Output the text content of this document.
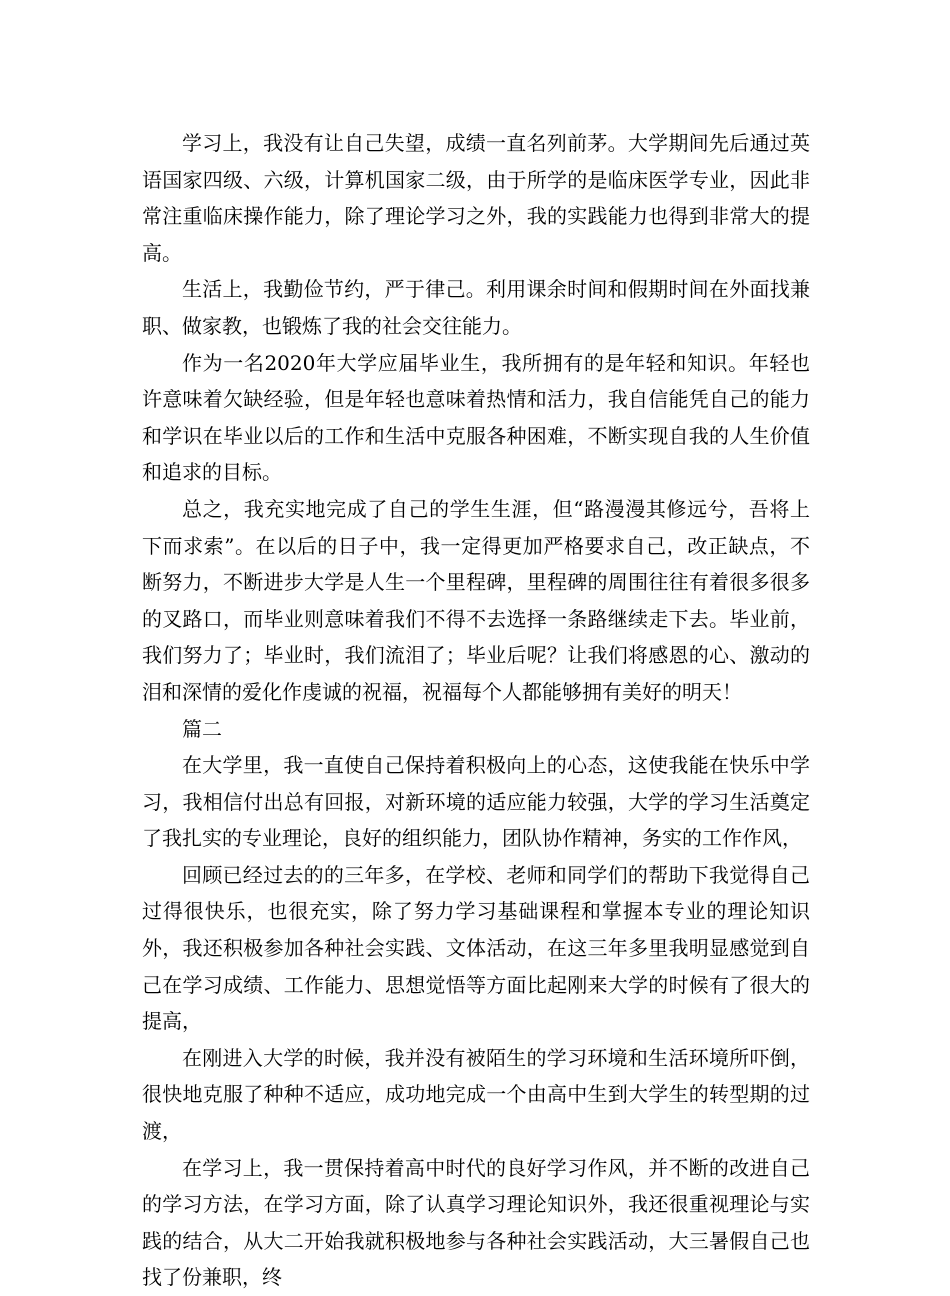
学习上，我没有让自己失望，成绩一直名列前茅。大学期间先后通过英语国家四级、六级，计算机国家二级，由于所学的是临床医学专业，因此非常注重临床操作能力，除了理论学习之外，我的实践能力也得到非常大的提高。

生活上，我勤俭节约，严于律己。利用课余时间和假期时间在外面找兼职、做家教，也锻炼了我的社会交往能力。

作为一名2020年大学应届毕业生，我所拥有的是年轻和知识。年轻也许意味着欠缺经验，但是年轻也意味着热情和活力，我自信能凭自己的能力和学识在毕业以后的工作和生活中克服各种困难，不断实现自我的人生价值和追求的目标。

总之，我充实地完成了自己的学生生涯，但“路漫漫其修远兮，吾将上下而求索”。在以后的日子中，我一定得更加严格要求自己，改正缺点，不断努力，不断进步大学是人生一个里程碑，里程碑的周围往往有着很多很多的叉路口，而毕业则意味着我们不得不去选择一条路继续走下去。毕业前，我们努力了；毕业时，我们流泪了；毕业后呢？让我们将感恩的心、激动的泪和深情的爱化作虔诚的祝福，祝福每个人都能够拥有美好的明天！

篇二

在大学里，我一直使自己保持着积极向上的心态，这使我能在快乐中学习，我相信付出总有回报，对新环境的适应能力较强，大学的学习生活奠定了我扎实的专业理论，良好的组织能力，团队协作精神，务实的工作作风，

回顾已经过去的的三年多，在学校、老师和同学们的帮助下我觉得自己过得很快乐，也很充实，除了努力学习基础课程和掌握本专业的理论知识外，我还积极参加各种社会实践、文体活动，在这三年多里我明显感觉到自己在学习成绩、工作能力、思想觉悟等方面比起刚来大学的时候有了很大的提高，

在刚进入大学的时候，我并没有被陌生的学习环境和生活环境所吓倒，很快地克服了种种不适应，成功地完成一个由高中生到大学生的转型期的过渡，

在学习上，我一贯保持着高中时代的良好学习作风，并不断的改进自己的学习方法，在学习方面，除了认真学习理论知识外，我还很重视理论与实践的结合，从大二开始我就积极地参与各种社会实践活动，大三暑假自己也找了份兼职，终
